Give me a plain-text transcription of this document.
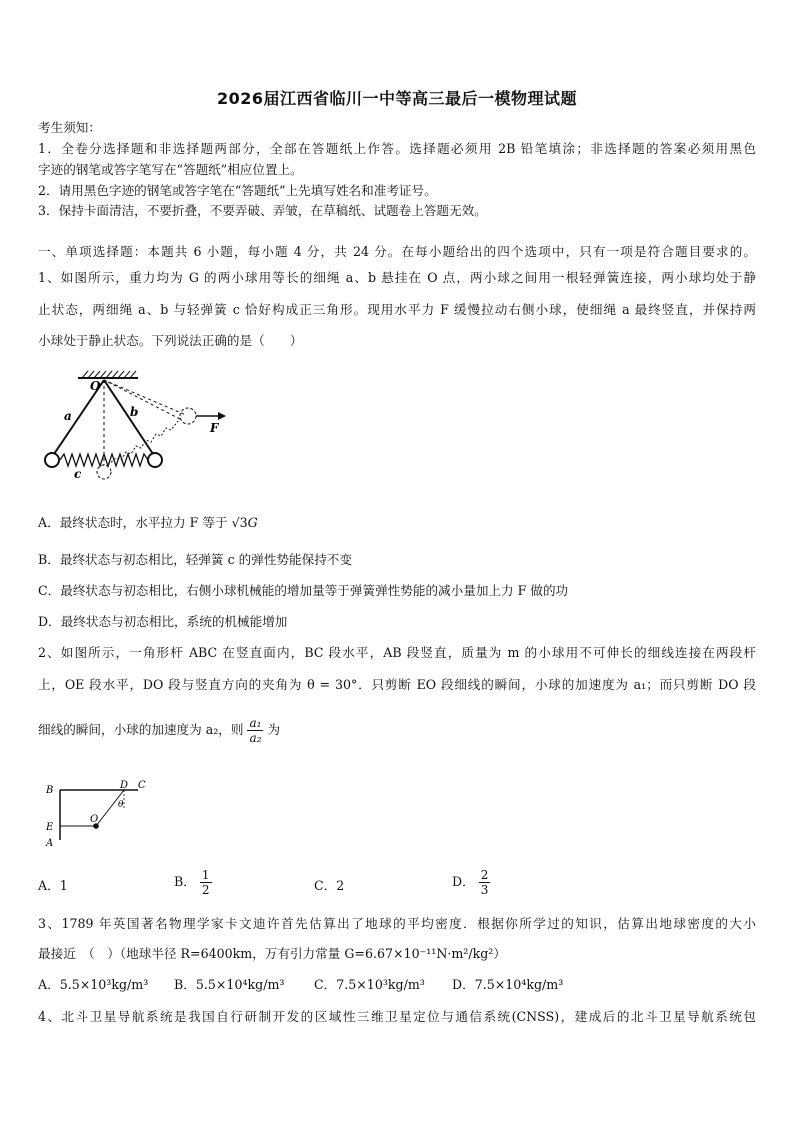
2026届江西省临川一中等高三最后一模物理试题
考生须知：
1．全卷分选择题和非选择题两部分，全部在答题纸上作答。选择题必须用 2B 铅笔填涂；非选择题的答案必须用黑色
字迹的钢笔或答字笔写在“答题纸”相应位置上。
2．请用黑色字迹的钢笔或答字笔在“答题纸”上先填写姓名和准考证号。
3．保持卡面清洁，不要折叠，不要弄破、弄皱，在草稿纸、试题卷上答题无效。
一、单项选择题：本题共 6 小题，每小题 4 分，共 24 分。在每小题给出的四个选项中，只有一项是符合题目要求的。
1、如图所示，重力均为 G 的两小球用等长的细绳 a、b 悬挂在 O 点，两小球之间用一根轻弹簧连接，两小球均处于静
止状态，两细绳 a、b 与轻弹簧 c 恰好构成正三角形。现用水平力 F 缓慢拉动右侧小球，使细绳 a 最终竖直，并保持两
小球处于静止状态。下列说法正确的是（　　）
O
a	b
c
F
A．最终状态时，水平拉力 F 等于 √3G
B．最终状态与初态相比，轻弹簧 c 的弹性势能保持不变
C．最终状态与初态相比，右侧小球机械能的增加量等于弹簧弹性势能的减小量加上力 F 做的功
D．最终状态与初态相比，系统的机械能增加
2、如图所示，一角形杆 ABC 在竖直面内，BC 段水平，AB 段竖直，质量为 m 的小球用不可伸长的细线连接在两段杆
上，OE 段水平，DO 段与竖直方向的夹角为 θ = 30°．只剪断 EO 段细线的瞬间，小球的加速度为 a₁；而只剪断 DO 段
细线的瞬间，小球的加速度为 a₂，则 $\frac{\text{a₁}}{\text{a₂}}$ 为
B	D C
θ
E
O
A
A．1	B． $\frac{1}{2}$	C．2	D． $\frac{2}{3}$
3、1789 年英国著名物理学家卡文迪许首先估算出了地球的平均密度．根据你所学过的知识，估算出地球密度的大小
最接近　（　）（地球半径 R=6400km，万有引力常量 G=6.67×10⁻¹¹N·m²/kg²）
A．5.5×10³kg/m³ B．5.5×10⁴kg/m³ C．7.5×10³kg/m³ D．7.5×10⁴kg/m³
4、北斗卫星导航系统是我国自行研制开发的区域性三维卫星定位与通信系统(CNSS)，建成后的北斗卫星导航系统包
